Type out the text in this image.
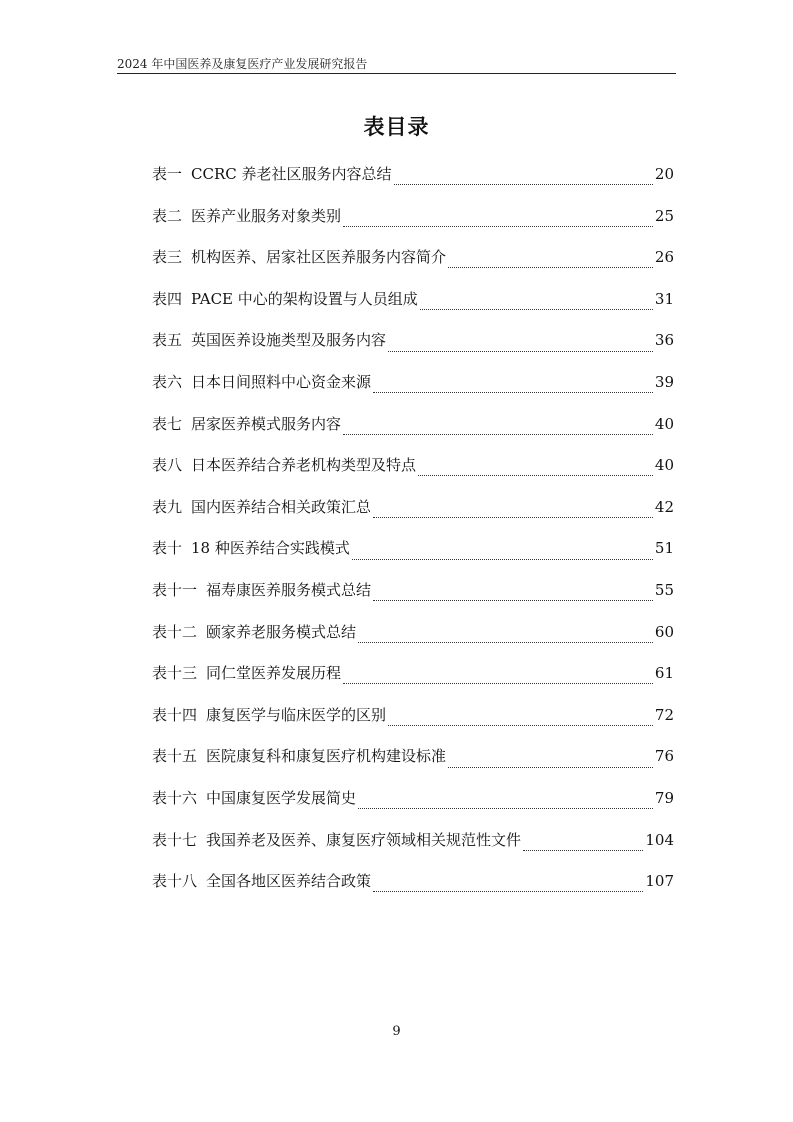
2024 年中国医养及康复医疗产业发展研究报告
表目录
表一 CCRC 养老社区服务内容总结	20
表二 医养产业服务对象类别	25
表三 机构医养、居家社区医养服务内容简介	26
表四 PACE 中心的架构设置与人员组成	31
表五 英国医养设施类型及服务内容	36
表六 日本日间照料中心资金来源	39
表七 居家医养模式服务内容	40
表八 日本医养结合养老机构类型及特点	40
表九 国内医养结合相关政策汇总	42
表十 18 种医养结合实践模式	51
表十一 福寿康医养服务模式总结	55
表十二 颐家养老服务模式总结	60
表十三 同仁堂医养发展历程	61
表十四 康复医学与临床医学的区别	72
表十五 医院康复科和康复医疗机构建设标准	76
表十六 中国康复医学发展简史	79
表十七 我国养老及医养、康复医疗领域相关规范性文件	104
表十八 全国各地区医养结合政策	107
9
